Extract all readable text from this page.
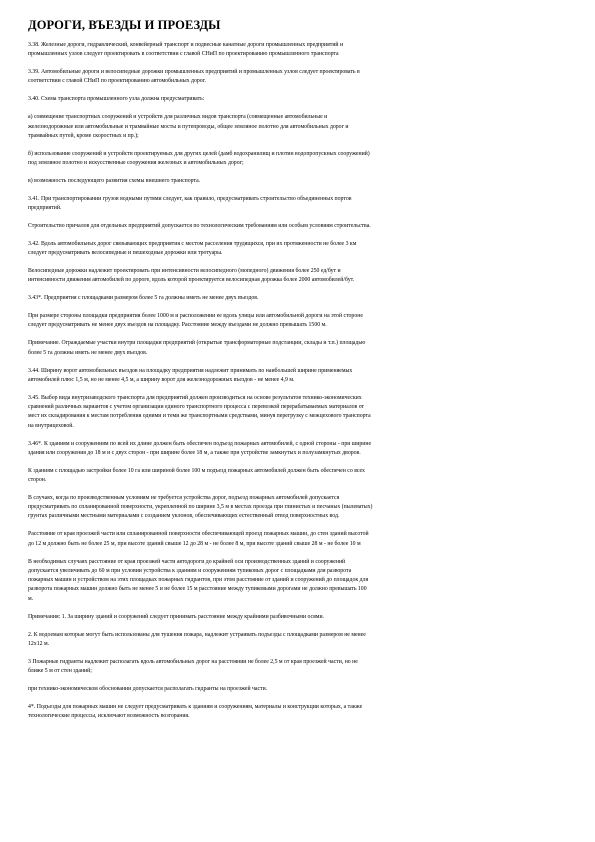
ДОРОГИ, ВЪЕЗДЫ И ПРОЕЗДЫ
3.38. Железные дороги, гидравлический, конвейерный транспорт и подвесные канатные дороги промышленных предприятий и
промышленных узлов следует проектировать в соответствии с главой СНиП по проектированию промышленного транспорта
3.39. Автомобильные дороги и велосипедные дорожки промышленных предприятий и промышленных узлов следует проектировать в
соответствии с главой СНиП по проектированию автомобильных дорог.
3.40. Схема транспорта промышленного узла должна предусматривать:
а) совмещение транспортных сооружений и устройств для различных видов транспорта (совмещенные автомобильные и
железнодорожные или автомобильные и трамвайные мосты и путепроводы, общее земляное полотно для автомобильных дорог и
трамвайных путей, кроме скоростных и пр.);
б) использование сооружений и устройств проектируемых для других целей (дамб водохранилищ и плотин водопропускных сооружений)
под земляное полотно и искусственные сооружения железных и автомобильных дорог;
в) возможность последующего развития схемы внешнего транспорта.
3.41. При транспортировании грузов водными путями следует, как правило, предусматривать строительство объединенных портов
предприятий.
Строительство причалов для отдельных предприятий допускается по технологическим требованиям или особым условиям строительства.
3.42. Вдоль автомобильных дорог связывающих предприятия с местом расселения трудящихся, при их протяженности не более 3 км
следует предусматривать велосипедные и пешеходные дорожки или тротуары.
Велосипедные дорожки надлежит проектировать при интенсивности велосипедного (мопедного) движения более 250 ед/бут и
интенсивности движения автомобилей по дороге, вдоль которой проектируется велосипедная дорожка более 2000 автомобилей/бут.
3.43*. Предприятия с площадками размером более 5 га должны иметь не менее двух въездов.
При размере стороны площадки предприятия более 1000 м и расположении ее вдоль улицы или автомобильной дороги на этой стороне
следует предусматривать не менее двух въездов на площадку. Расстояние между въездами не должно превышать 1500 м.
Примечание. Ограждаемые участки внутри площадки предприятий (открытые трансформаторные подстанции, склады и т.п.) площадью
более 5 га должны иметь не менее двух въездов.
3.44. Ширину ворот автомобильных въездов на площадку предприятия надлежит принимать по наибольшей ширине применяемых
автомобилей плюс 1,5 м, но не менее 4,5 м, а ширину ворот для железнодорожных въездов - не менее 4,9 м.
3.45. Выбор вида внутризаводского транспорта для предприятий должен производиться на основе результатов технико-экономических
сравнений различных вариантов с учетом организации единого транспортного процесса с перевозкой перерабатываемых материалов от
мест их складирования к местам потребления одними и теми же транспортными средствами, минуя перегрузку с межцехового транспорта
на внутрицеховой.
3.46*. К зданиям и сооружениям по всей их длине должен быть обеспечен подъезд пожарных автомобилей, с одной стороны - при ширине
здания или сооружения до 18 м и с двух сторон - при ширине более 18 м, а также при устройстве замкнутых и полузамкнутых дворов.
К зданиям с площадью застройки более 10 га или шириной более 100 м подъезд пожарных автомобилей должен быть обеспечен со всех
сторон.
В случаях, когда по производственным условиям не требуется устройства дорог, подъезд пожарных автомобилей допускается
предусматривать по спланированной поверхности, укрепленной по ширине 3,5 м в местах проезда при глинистых и песчаных (пылеватых)
грунтах различными местными материалами с созданием уклонов, обеспечивающих естественный отвод поверхностных вод.
Расстояние от края проезжей части или спланированной поверхности обеспечивающей проезд пожарных машин, до стен зданий высотой
до 12 м должно быть не более 25 м, при высоте зданий свыше 12 до 28 м - не более 8 м, при высоте зданий свыше 28 м - не более 10 м
В необходимых случаях расстояние от края проезжей части автодороги до крайней оси производственных зданий и сооружений
допускается увеличивать до 60 м при условии устройства к зданиям и сооружениям тупиковых дорог с площадками для разворота
пожарных машин и устройством на этих площадках пожарных гидрантов, при этом расстояние от зданий и сооружений до площадок для
разворота пожарных машин должно быть не менее 5 и не более 15 м расстояние между тупиковыми дорогами не должно превышать 100
м.
Примечания: 1. За ширину зданий и сооружений следует принимать расстояние между крайними разбивочными осями.
2. К водоемам которые могут быть использованы для тушения пожара, надлежит устраивать подъезды с площадками размером не менее
12х12 м.
3 Пожарные гидранты надлежит располагать вдоль автомобильных дорог на расстоянии не более 2,5 м от края проезжей части, но не
ближе 5 м от стен зданий;
при технико-экономическом обосновании допускается располагать гидранты на проезжей части.
4*. Подъезды для пожарных машин не следует предусматривать к зданиям и сооружениям, материалы и конструкции которых, а также
технологические процессы, исключают возможность возгорания.
